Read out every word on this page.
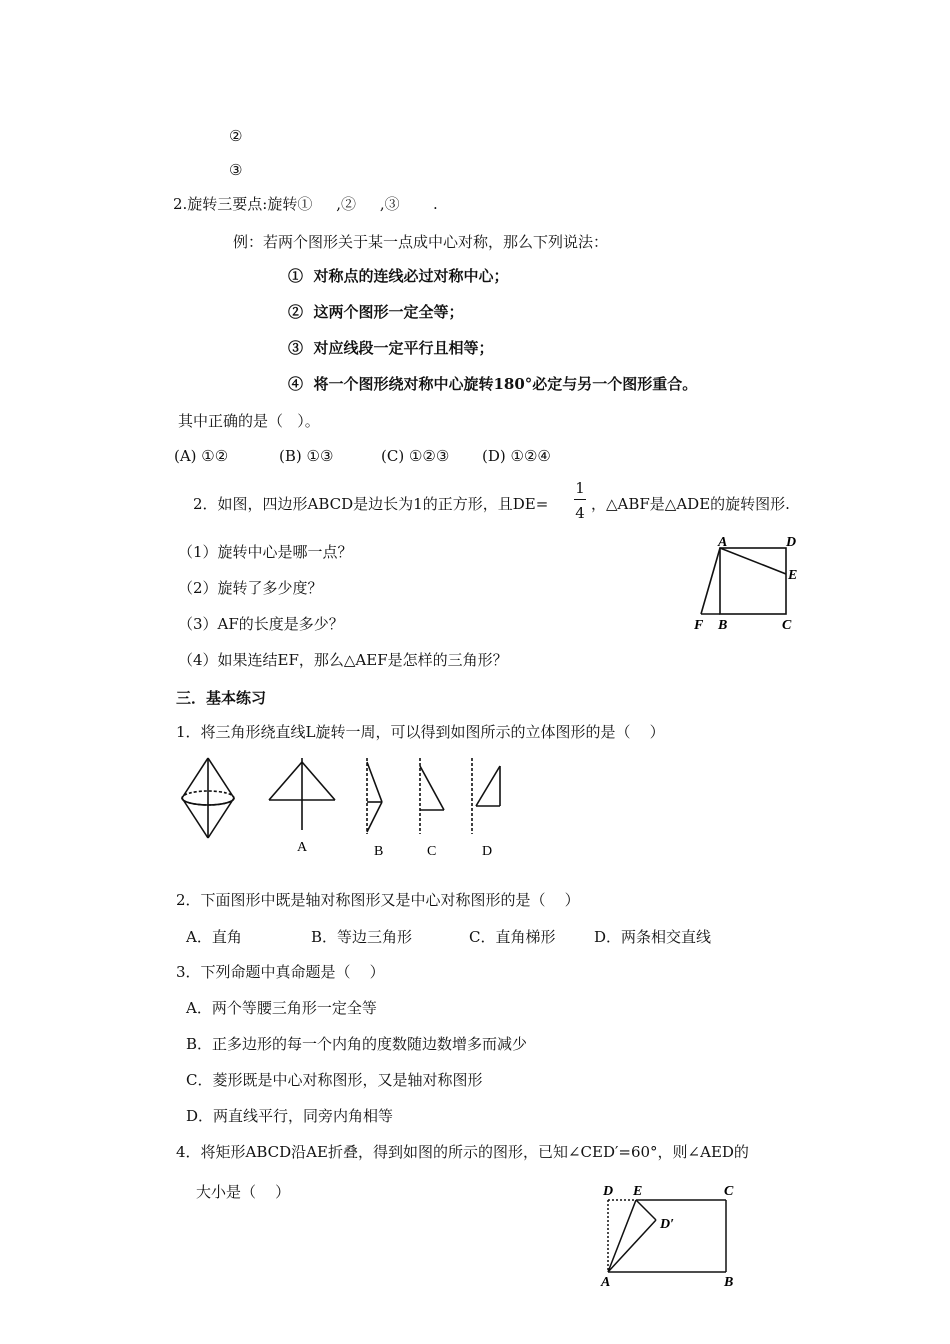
②
③
2.旋转三要点:旋转①     ,②     ,③       .
例：若两个图形关于某一点成中心对称，那么下列说法：
①  对称点的连线必过对称中心；
②  这两个图形一定全等；
③  对应线段一定平行且相等；
④  将一个图形绕对称中心旋转180°必定与另一个图形重合。
其中正确的是（   ）。
(A) ①②	(B) ①③	(C) ①②③ (D) ①②④
2．如图，四边形ABCD是边长为1的正方形，且DE=
1
4 ，△ABF是△ADE的旋转图形.
（1）旋转中心是哪一点？
（2）旋转了多少度？
（3）AF的长度是多少？
（4）如果连结EF，那么△AEF是怎样的三角形？
A	D
E
F B	C
三．基本练习
1．将三角形绕直线L旋转一周，可以得到如图所示的立体图形的是（    ）
A	B	C	D
2．下面图形中既是轴对称图形又是中心对称图形的是（    ）
A．直角	B．等边三角形	C．直角梯形	D．两条相交直线
3．下列命题中真命题是（    ）
A．两个等腰三角形一定全等
B．正多边形的每一个内角的度数随边数增多而减少
C．菱形既是中心对称图形，又是轴对称图形
D．两直线平行，同旁内角相等
4．将矩形ABCD沿AE折叠，得到如图的所示的图形，已知∠CED′=60°，则∠AED的
大小是（    ）	D E	C
D′
A	B
